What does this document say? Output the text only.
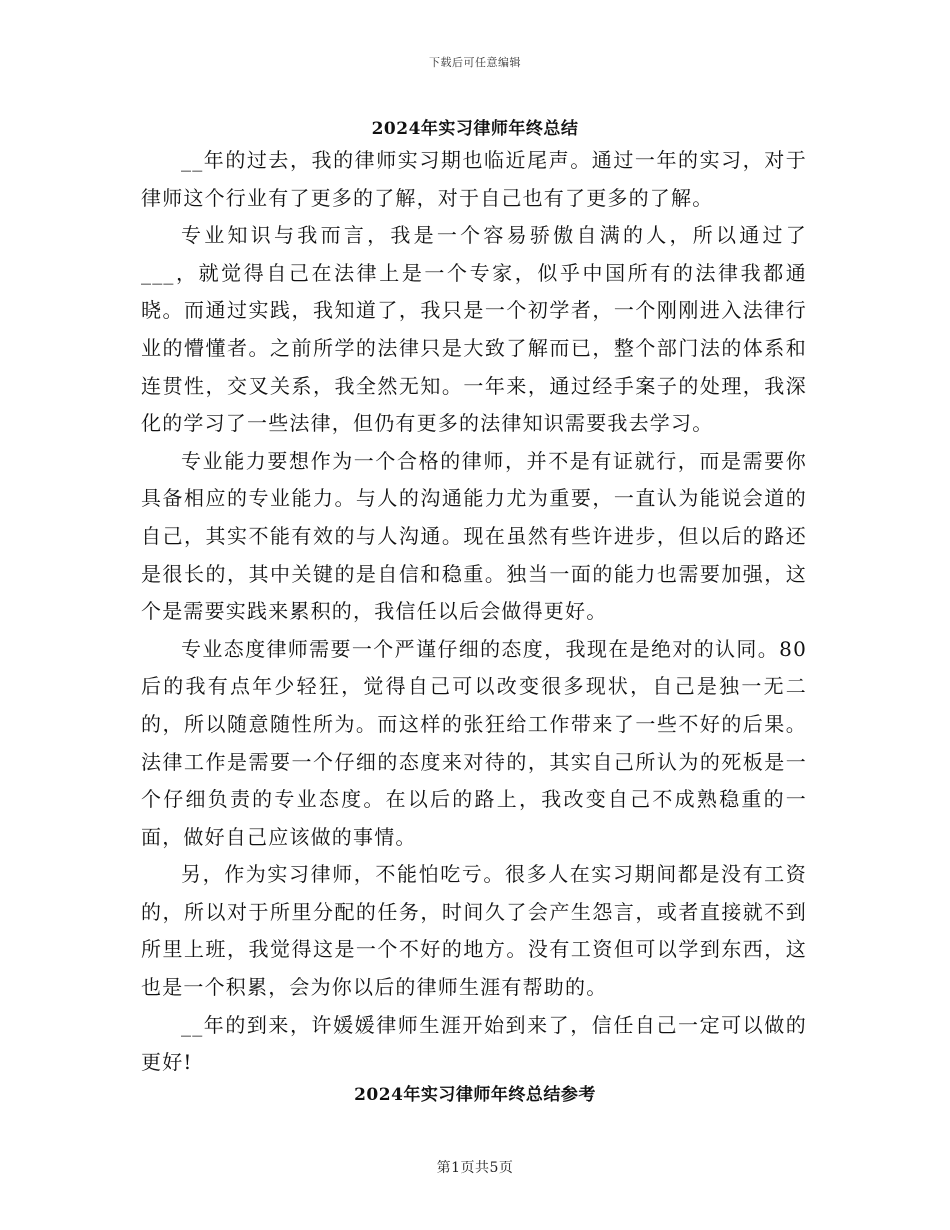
下载后可任意编辑
2024年实习律师年终总结

__年的过去，我的律师实习期也临近尾声。通过一年的实习，对于律师这个行业有了更多的了解，对于自己也有了更多的了解。

专业知识与我而言，我是一个容易骄傲自满的人，所以通过了___，就觉得自己在法律上是一个专家，似乎中国所有的法律我都通晓。而通过实践，我知道了，我只是一个初学者，一个刚刚进入法律行业的懵懂者。之前所学的法律只是大致了解而已，整个部门法的体系和连贯性，交叉关系，我全然无知。一年来，通过经手案子的处理，我深化的学习了一些法律，但仍有更多的法律知识需要我去学习。

专业能力要想作为一个合格的律师，并不是有证就行，而是需要你具备相应的专业能力。与人的沟通能力尤为重要，一直认为能说会道的自己，其实不能有效的与人沟通。现在虽然有些许进步，但以后的路还是很长的，其中关键的是自信和稳重。独当一面的能力也需要加强，这个是需要实践来累积的，我信任以后会做得更好。

专业态度律师需要一个严谨仔细的态度，我现在是绝对的认同。80后的我有点年少轻狂，觉得自己可以改变很多现状，自己是独一无二的，所以随意随性所为。而这样的张狂给工作带来了一些不好的后果。法律工作是需要一个仔细的态度来对待的，其实自己所认为的死板是一个仔细负责的专业态度。在以后的路上，我改变自己不成熟稳重的一面，做好自己应该做的事情。

另，作为实习律师，不能怕吃亏。很多人在实习期间都是没有工资的，所以对于所里分配的任务，时间久了会产生怨言，或者直接就不到所里上班，我觉得这是一个不好的地方。没有工资但可以学到东西，这也是一个积累，会为你以后的律师生涯有帮助的。

__年的到来，许媛媛律师生涯开始到来了，信任自己一定可以做的更好!

2024年实习律师年终总结参考
第1页共5页
